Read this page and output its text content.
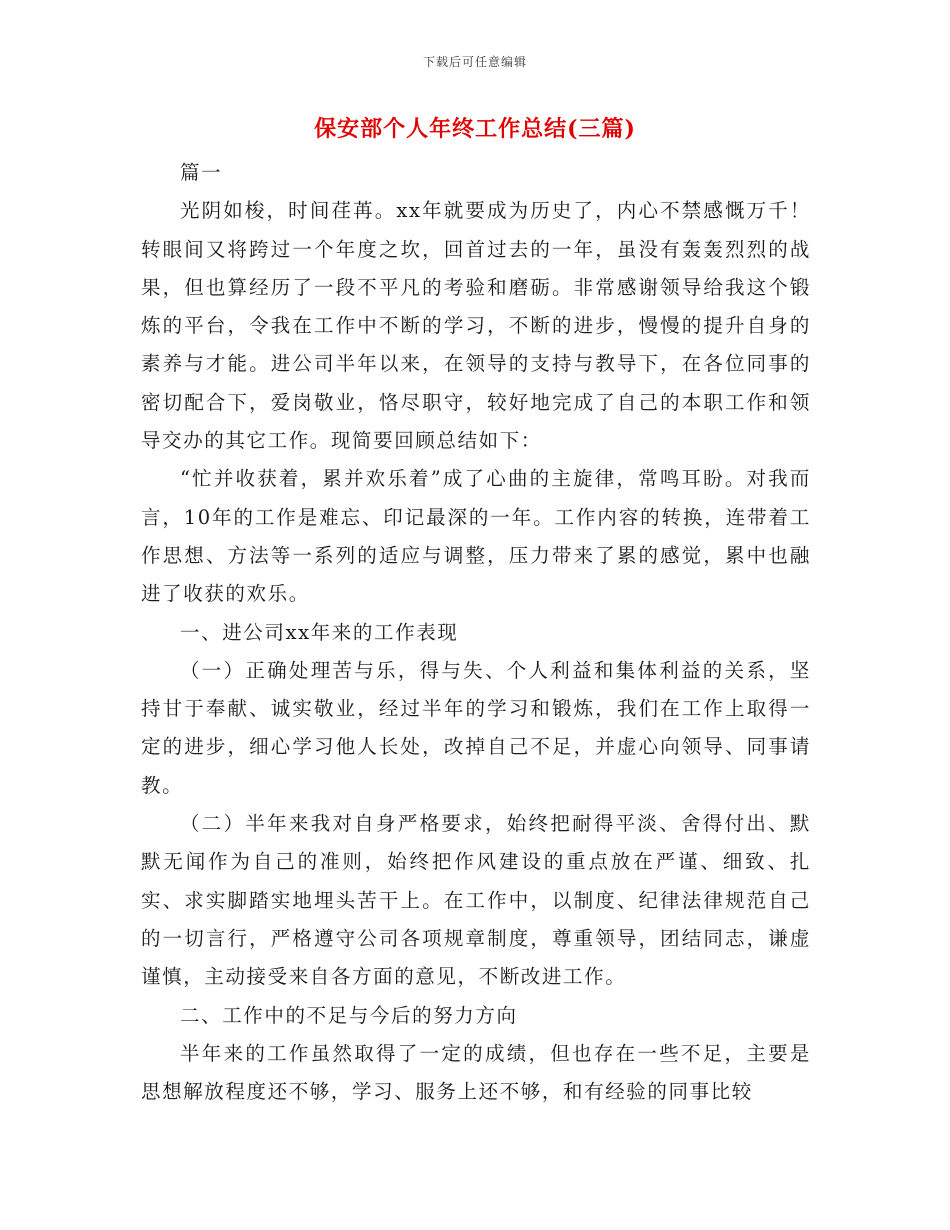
下载后可任意编辑
保安部个人年终工作总结(三篇)

篇一

光阴如梭，时间荏苒。xx年就要成为历史了，内心不禁感慨万千！转眼间又将跨过一个年度之坎，回首过去的一年，虽没有轰轰烈烈的战果，但也算经历了一段不平凡的考验和磨砺。非常感谢领导给我这个锻炼的平台，令我在工作中不断的学习，不断的进步，慢慢的提升自身的素养与才能。进公司半年以来，在领导的支持与教导下，在各位同事的密切配合下，爱岗敬业，恪尽职守，较好地完成了自己的本职工作和领导交办的其它工作。现简要回顾总结如下：

“忙并收获着，累并欢乐着”成了心曲的主旋律，常鸣耳盼。对我而言，10年的工作是难忘、印记最深的一年。工作内容的转换，连带着工作思想、方法等一系列的适应与调整，压力带来了累的感觉，累中也融进了收获的欢乐。

一、进公司xx年来的工作表现

（一）正确处理苦与乐，得与失、个人利益和集体利益的关系，坚持甘于奉献、诚实敬业，经过半年的学习和锻炼，我们在工作上取得一定的进步，细心学习他人长处，改掉自己不足，并虚心向领导、同事请教。

（二）半年来我对自身严格要求，始终把耐得平淡、舍得付出、默默无闻作为自己的准则，始终把作风建设的重点放在严谨、细致、扎实、求实脚踏实地埋头苦干上。在工作中，以制度、纪律法律规范自己的一切言行，严格遵守公司各项规章制度，尊重领导，团结同志，谦虚谨慎，主动接受来自各方面的意见，不断改进工作。

二、工作中的不足与今后的努力方向

半年来的工作虽然取得了一定的成绩，但也存在一些不足，主要是思想解放程度还不够，学习、服务上还不够，和有经验的同事比较
